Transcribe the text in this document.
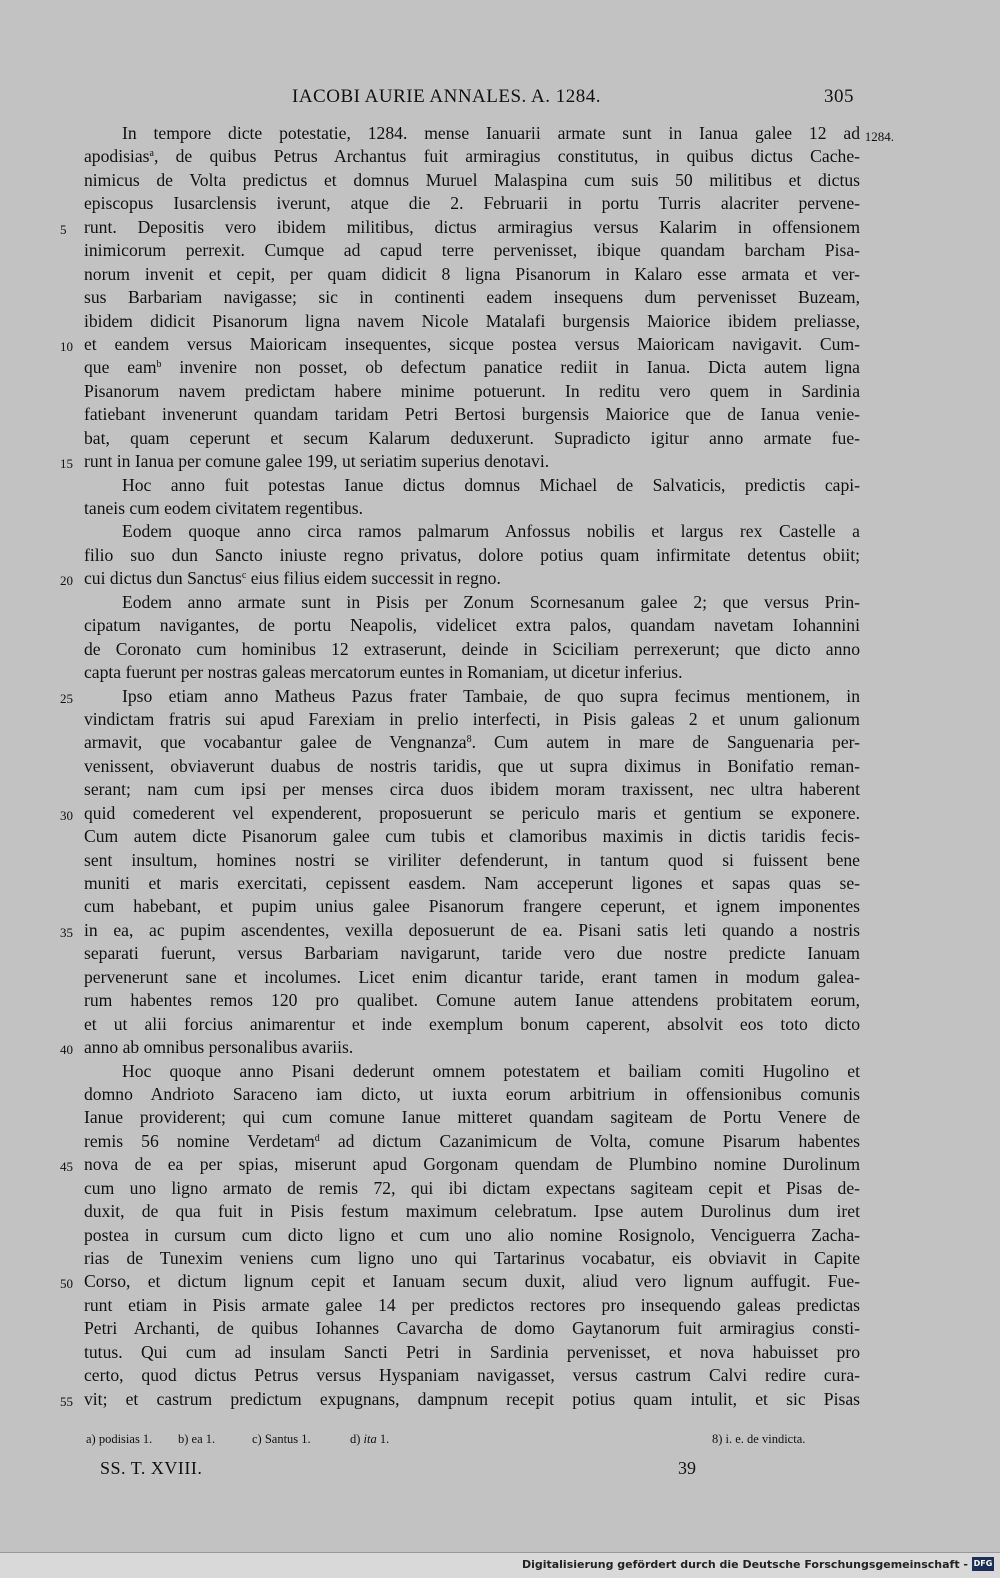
IACOBI AURIE ANNALES. A. 1284.	305
1284.
In tempore dicte potestatie, 1284. mense Ianuarii armate sunt in Ianua galee 12 ad
apodisias$^a$, de quibus Petrus Archantus fuit armiragius constitutus, in quibus dictus Cache-
nimicus de Volta predictus et domnus Muruel Malaspina cum suis 50 militibus et dictus
episcopus Iusarclensis iverunt, atque die 2. Februarii in portu Turris alacriter pervene-
5 runt. Depositis vero ibidem militibus, dictus armiragius versus Kalarim in offensionem
inimicorum perrexit. Cumque ad capud terre pervenisset, ibique quandam barcham Pisa-
norum invenit et cepit, per quam didicit 8 ligna Pisanorum in Kalaro esse armata et ver-
sus Barbariam navigasse; sic in continenti eadem insequens dum pervenisset Buzeam,
ibidem didicit Pisanorum ligna navem Nicole Matalafi burgensis Maiorice ibidem preliasse,
10 et eandem versus Maioricam insequentes, sicque postea versus Maioricam navigavit. Cum-
que eam$^b$ invenire non posset, ob defectum panatice rediit in Ianua. Dicta autem ligna
Pisanorum navem predictam habere minime potuerunt. In reditu vero quem in Sardinia
fatiebant invenerunt quandam taridam Petri Bertosi burgensis Maiorice que de Ianua venie-
bat, quam ceperunt et secum Kalarum deduxerunt. Supradicto igitur anno armate fue-
15 runt in Ianua per comune galee 199, ut seriatim superius denotavi.
Hoc anno fuit potestas Ianue dictus domnus Michael de Salvaticis, predictis capi-
taneis cum eodem civitatem regentibus.
Eodem quoque anno circa ramos palmarum Anfossus nobilis et largus rex Castelle a
filio suo dun Sancto iniuste regno privatus, dolore potius quam infirmitate detentus obiit;
20 cui dictus dun Sanctus$^c$ eius filius eidem successit in regno.
Eodem anno armate sunt in Pisis per Zonum Scornesanum galee 2; que versus Prin-
cipatum navigantes, de portu Neapolis, videlicet extra palos, quandam navetam Iohannini
de Coronato cum hominibus 12 extraserunt, deinde in Sciciliam perrexerunt; que dicto anno
capta fuerunt per nostras galeas mercatorum euntes in Romaniam, ut dicetur inferius.
25	Ipso etiam anno Matheus Pazus frater Tambaie, de quo supra fecimus mentionem, in
vindictam fratris sui apud Farexiam in prelio interfecti, in Pisis galeas 2 et unum galionum
armavit, que vocabantur galee de Vengnanza$^8$. Cum autem in mare de Sanguenaria per-
venissent, obviaverunt duabus de nostris taridis, que ut supra diximus in Bonifatio reman-
serant; nam cum ipsi per menses circa duos ibidem moram traxissent, nec ultra haberent
30 quid comederent vel expenderent, proposuerunt se periculo maris et gentium se exponere.
Cum autem dicte Pisanorum galee cum tubis et clamoribus maximis in dictis taridis fecis-
sent insultum, homines nostri se viriliter defenderunt, in tantum quod si fuissent bene
muniti et maris exercitati, cepissent easdem. Nam acceperunt ligones et sapas quas se-
cum habebant, et pupim unius galee Pisanorum frangere ceperunt, et ignem imponentes
35 in ea, ac pupim ascendentes, vexilla deposuerunt de ea. Pisani satis leti quando a nostris
separati fuerunt, versus Barbariam navigarunt, taride vero due nostre predicte Ianuam
pervenerunt sane et incolumes. Licet enim dicantur taride, erant tamen in modum galea-
rum habentes remos 120 pro qualibet. Comune autem Ianue attendens probitatem eorum,
et ut alii forcius animarentur et inde exemplum bonum caperent, absolvit eos toto dicto
40 anno ab omnibus personalibus avariis.
Hoc quoque anno Pisani dederunt omnem potestatem et bailiam comiti Hugolino et
domno Andrioto Saraceno iam dicto, ut iuxta eorum arbitrium in offensionibus comunis
Ianue providerent; qui cum comune Ianue mitteret quandam sagiteam de Portu Venere de
remis 56 nomine Verdetam$^d$ ad dictum Cazanimicum de Volta, comune Pisarum habentes
45 nova de ea per spias, miserunt apud Gorgonam quendam de Plumbino nomine Durolinum
cum uno ligno armato de remis 72, qui ibi dictam expectans sagiteam cepit et Pisas de-
duxit, de qua fuit in Pisis festum maximum celebratum. Ipse autem Durolinus dum iret
postea in cursum cum dicto ligno et cum uno alio nomine Rosignolo, Venciguerra Zacha-
rias de Tunexim veniens cum ligno uno qui Tartarinus vocabatur, eis obviavit in Capite
50 Corso, et dictum lignum cepit et Ianuam secum duxit, aliud vero lignum auffugit. Fue-
runt etiam in Pisis armate galee 14 per predictos rectores pro insequendo galeas predictas
Petri Archanti, de quibus Iohannes Cavarcha de domo Gaytanorum fuit armiragius consti-
tutus. Qui cum ad insulam Sancti Petri in Sardinia pervenisset, et nova habuisset pro
certo, quod dictus Petrus versus Hyspaniam navigasset, versus castrum Calvi redire cura-
55 vit; et castrum predictum expugnans, dampnum recepit potius quam intulit, et sic Pisas
a) podisias 1. b) ea 1.	c) Santus 1.	d) ita 1.	8) i. e. de vindicta.
SS. T. XVIII.	39
Digitalisierung gefördert durch die Deutsche Forschungsgemeinschaft - DFG
